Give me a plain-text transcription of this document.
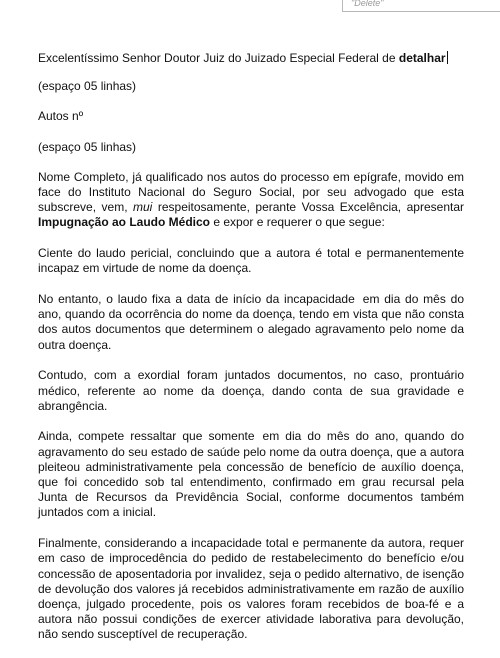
"Delete"

Excelentíssimo Senhor Doutor Juiz do Juizado Especial Federal de detalhar

(espaço 05 linhas)

Autos nº

(espaço 05 linhas)

Nome Completo, já qualificado nos autos do processo em epígrafe, movido em face do Instituto Nacional do Seguro Social, por seu advogado que esta subscreve, vem, mui respeitosamente, perante Vossa Excelência, apresentar Impugnação ao Laudo Médico e expor e requerer o que segue:

Ciente do laudo pericial, concluindo que a autora é total e permanentemente incapaz em virtude de nome da doença.

No entanto, o laudo fixa a data de início da incapacidade em dia do mês do ano, quando da ocorrência do nome da doença, tendo em vista que não consta dos autos documentos que determinem o alegado agravamento pelo nome da outra doença.

Contudo, com a exordial foram juntados documentos, no caso, prontuário médico, referente ao nome da doença, dando conta de sua gravidade e abrangência.

Ainda, compete ressaltar que somente em dia do mês do ano, quando do agravamento do seu estado de saúde pelo nome da outra doença, que a autora pleiteou administrativamente pela concessão de benefício de auxílio doença, que foi concedido sob tal entendimento, confirmado em grau recursal pela Junta de Recursos da Previdência Social, conforme documentos também juntados com a inicial.

Finalmente, considerando a incapacidade total e permanente da autora, requer em caso de improcedência do pedido de restabelecimento do benefício e/ou concessão de aposentadoria por invalidez, seja o pedido alternativo, de isenção de devolução dos valores já recebidos administrativamente em razão de auxílio doença, julgado procedente, pois os valores foram recebidos de boa-fé e a autora não possui condições de exercer atividade laborativa para devolução, não sendo susceptível de recuperação.
